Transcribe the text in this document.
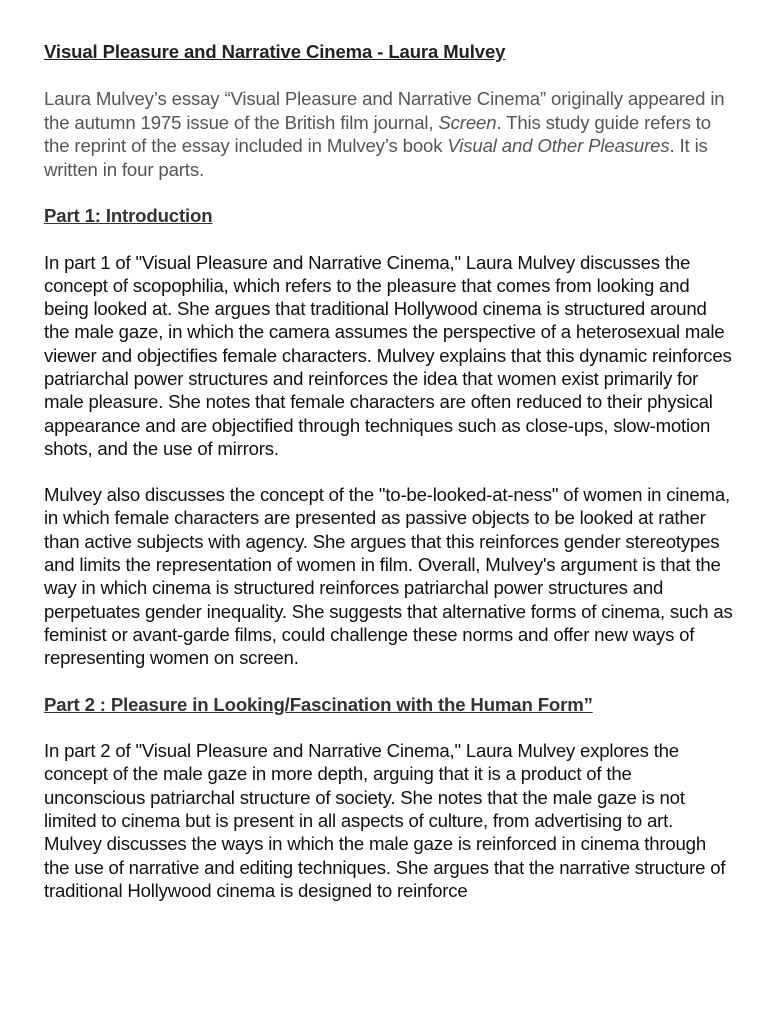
Visual Pleasure and Narrative Cinema - Laura Mulvey

Laura Mulvey’s essay “Visual Pleasure and Narrative Cinema” originally appeared in the autumn 1975 issue of the British film journal, Screen. This study guide refers to the reprint of the essay included in Mulvey’s book Visual and Other Pleasures. It is written in four parts.

Part 1: Introduction

In part 1 of "Visual Pleasure and Narrative Cinema," Laura Mulvey discusses the concept of scopophilia, which refers to the pleasure that comes from looking and being looked at. She argues that traditional Hollywood cinema is structured around the male gaze, in which the camera assumes the perspective of a heterosexual male viewer and objectifies female characters. Mulvey explains that this dynamic reinforces patriarchal power structures and reinforces the idea that women exist primarily for male pleasure. She notes that female characters are often reduced to their physical appearance and are objectified through techniques such as close-ups, slow-motion shots, and the use of mirrors.

Mulvey also discusses the concept of the "to-be-looked-at-ness" of women in cinema, in which female characters are presented as passive objects to be looked at rather than active subjects with agency. She argues that this reinforces gender stereotypes and limits the representation of women in film. Overall, Mulvey's argument is that the way in which cinema is structured reinforces patriarchal power structures and perpetuates gender inequality. She suggests that alternative forms of cinema, such as feminist or avant-garde films, could challenge these norms and offer new ways of representing women on screen.

Part 2 : Pleasure in Looking/Fascination with the Human Form”

In part 2 of "Visual Pleasure and Narrative Cinema," Laura Mulvey explores the concept of the male gaze in more depth, arguing that it is a product of the unconscious patriarchal structure of society. She notes that the male gaze is not limited to cinema but is present in all aspects of culture, from advertising to art. Mulvey discusses the ways in which the male gaze is reinforced in cinema through the use of narrative and editing techniques. She argues that the narrative structure of traditional Hollywood cinema is designed to reinforce
